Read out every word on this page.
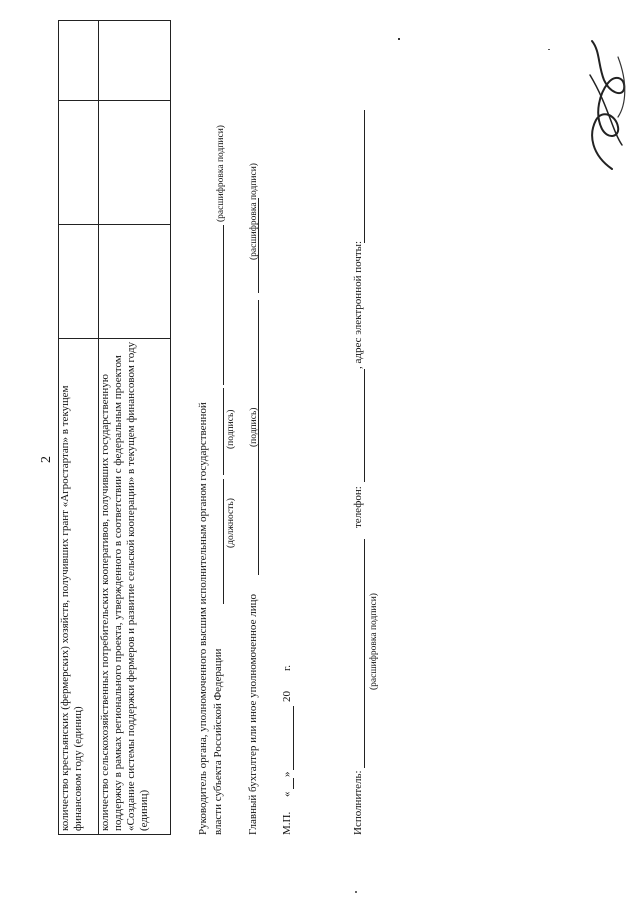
2 количество крестьянских (фермерских) хозяйств, получивших грант «Агростартап» в текущем финансовом году (единиц)			
количество сельскохозяйственных потребительских кооперативов, получивших государственную поддержку в рамках регионального проекта, утвержденного в соответствии с федеральным проектом «Создание системы поддержки фермеров и развитие сельской кооперации» в текущем финансовом году (единиц)				Руководитель органа, уполномоченного высшим исполнительным органом государственной власти субъекта Российской Федерации
(должность)
(подпись)
(расшифровка подписи)
Главный бухгалтер или иное уполномоченное лицо
(подпись)
(расшифровка подписи)
М.П.
«
»
20
г.
Исполнитель:
(расшифровка подписи)
телефон:
, адрес электронной почты:
